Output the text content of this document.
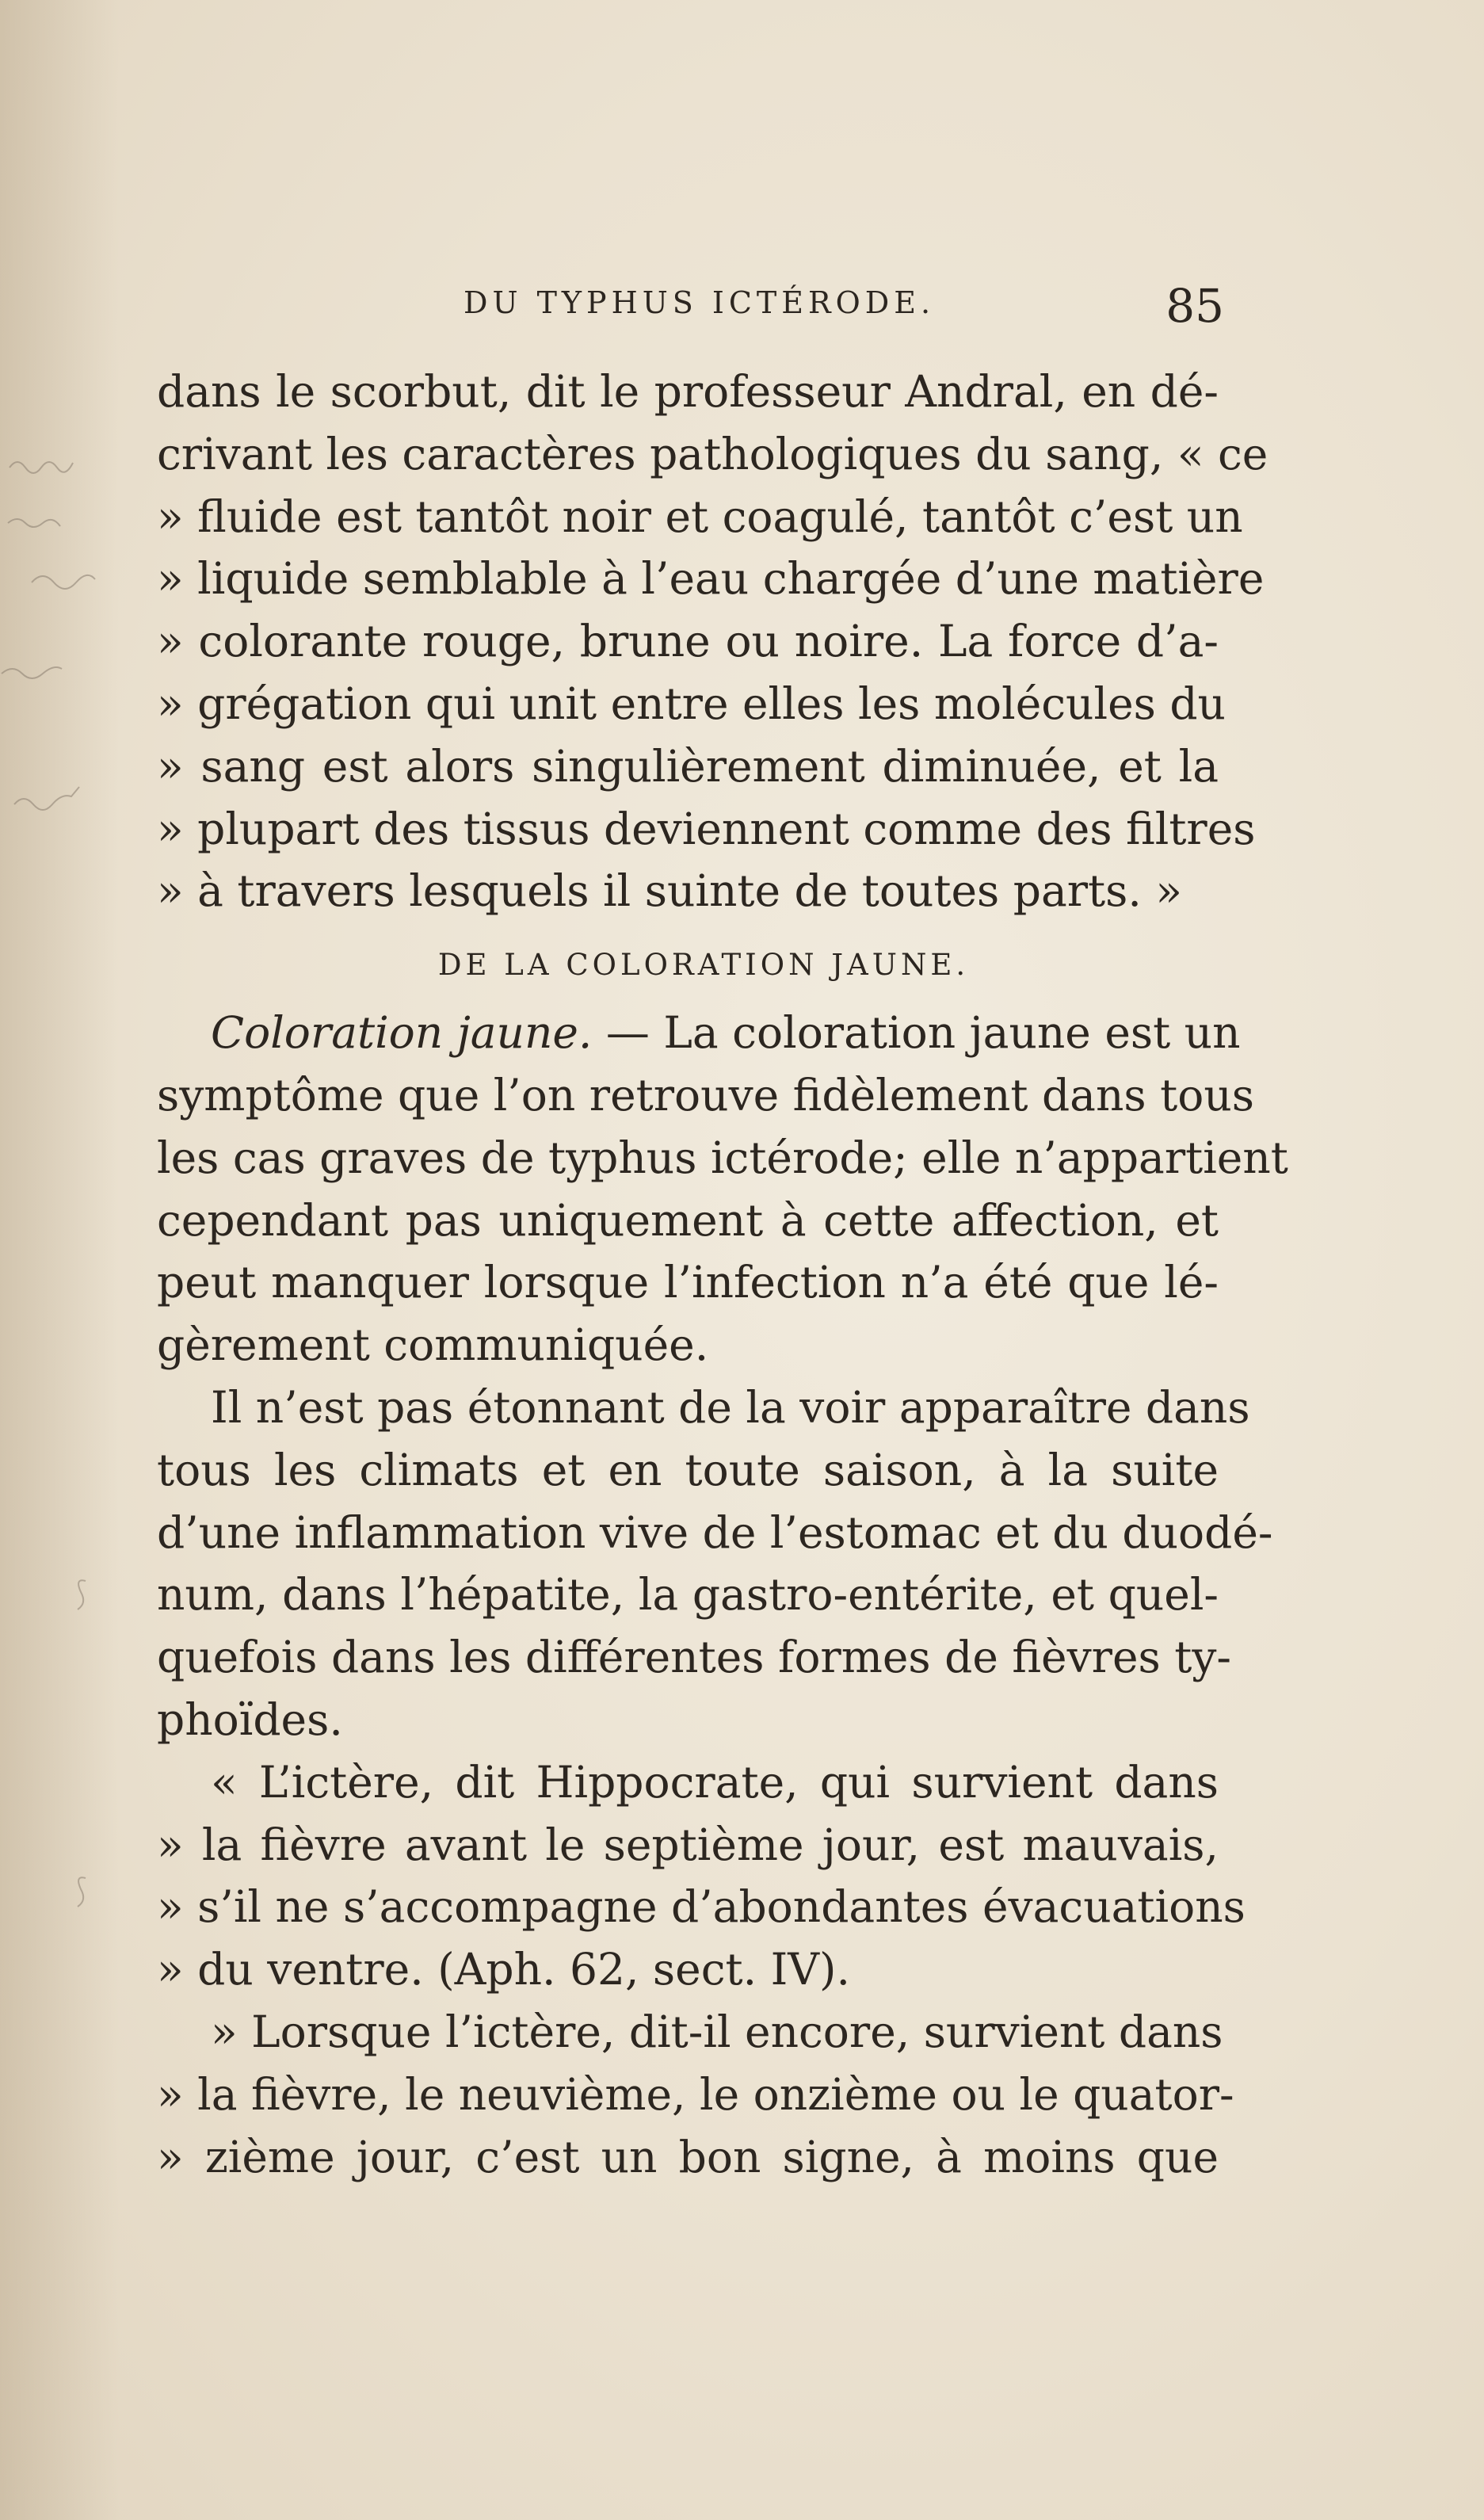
DU TYPHUS ICTÉRODE.	85
dans le scorbut, dit le professeur Andral, en dé-
crivant les caractères pathologiques du sang, « ce
» fluide est tantôt noir et coagulé, tantôt c’est un
» liquide semblable à l’eau chargée d’une matière
» colorante rouge, brune ou noire. La force d’a-
» grégation qui unit entre elles les molécules du
» sang est alors singulièrement diminuée, et la
» plupart des tissus deviennent comme des filtres
» à travers lesquels il suinte de toutes parts. »
DE LA COLORATION JAUNE.
Coloration jaune. — La coloration jaune est un
symptôme que l’on retrouve fidèlement dans tous
les cas graves de typhus ictérode; elle n’appartient
cependant pas uniquement à cette affection, et
peut manquer lorsque l’infection n’a été que lé-
gèrement communiquée.
Il n’est pas étonnant de la voir apparaître dans
tous les climats et en toute saison, à la suite
d’une inflammation vive de l’estomac et du duodé-
num, dans l’hépatite, la gastro-entérite, et quel-
quefois dans les différentes formes de fièvres ty-
phoïdes.
« L’ictère, dit Hippocrate, qui survient dans
» la fièvre avant le septième jour, est mauvais,
» s’il ne s’accompagne d’abondantes évacuations
» du ventre. (Aph. 62, sect. IV).
» Lorsque l’ictère, dit-il encore, survient dans
» la fièvre, le neuvième, le onzième ou le quator-
» zième jour, c’est un bon signe, à moins que
